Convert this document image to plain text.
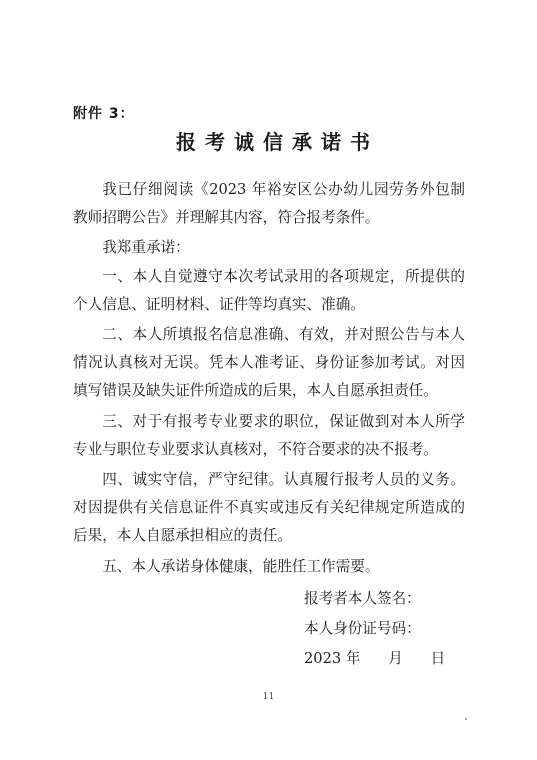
附件 3：
报考诚信承诺书

我已仔细阅读《2023 年裕安区公办幼儿园劳务外包制教师招聘公告》并理解其内容，符合报考条件。

我郑重承诺：

一、本人自觉遵守本次考试录用的各项规定，所提供的个人信息、证明材料、证件等均真实、准确。

二、本人所填报名信息准确、有效，并对照公告与本人情况认真核对无误。凭本人准考证、身份证参加考试。对因填写错误及缺失证件所造成的后果，本人自愿承担责任。

三、对于有报考专业要求的职位，保证做到对本人所学专业与职位专业要求认真核对，不符合要求的决不报考。

四、诚实守信，严守纪律。认真履行报考人员的义务。对因提供有关信息证件不真实或违反有关纪律规定所造成的后果，本人自愿承担相应的责任。

五、本人承诺身体健康，能胜任工作需要。

报考者本人签名：
本人身份证号码：
2023 年      月      日
11
